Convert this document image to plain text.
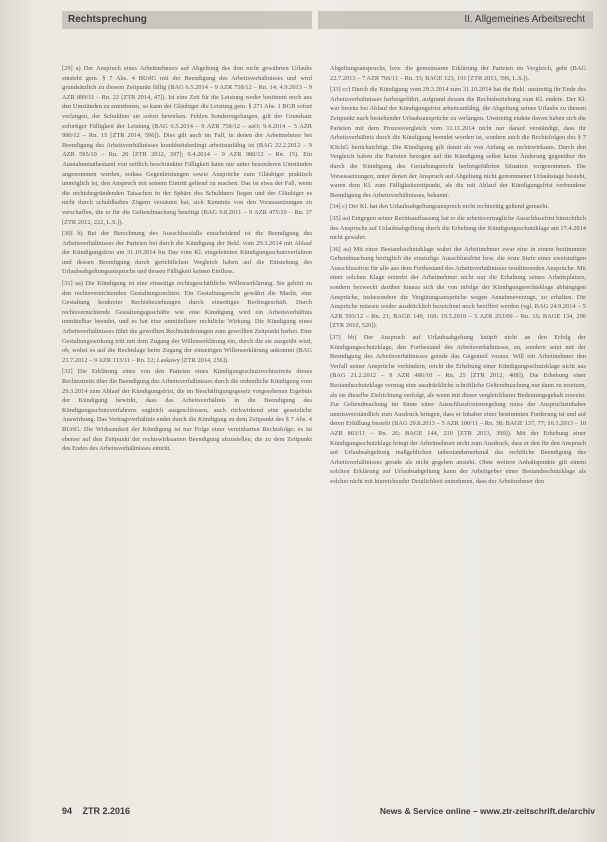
Rechtsprechung	II. Allgemeines Arbeitsrecht

[29] a) Der Anspruch eines Arbeitnehmers auf Abgeltung des ihm nicht gewährten Urlaubs entsteht gem. § 7 Abs. 4 BUrlG mit der Beendigung des Arbeitsverhältnisses und wird grundsätzlich zu diesem Zeitpunkt fällig (BAG 6.5.2014 – 9 AZR 758/12 – Rn. 14; 4.9.2013 – 9 AZR 899/11 – Rn. 22 [ZTR 2014, 47]). Ist eine Zeit für die Leistung weder bestimmt noch aus den Umständen zu entnehmen, so kann der Gläubiger die Leistung gem. § 271 Abs. 1 BGB sofort verlangen, der Schuldner sie sofort bewirken. Fehlen Sonderregelungen, gilt der Grundsatz sofortiger Fälligkeit der Leistung (BAG 6.5.2014 – 9 AZR 758/12 – aaO; 9.4.2014 – 5 AZR 980/12 – Rn. 15 [ZTR 2014, 596]). Dies gilt auch im Fall, in denen der Arbeitnehmer bei Beendigung des Arbeitsverhältnisses krankheitsbedingt arbeitsunfähig ist (BAG 22.2.2012 – 9 AZR 595/10 – Rn. 20 [ZTR 2012, 397]; 9.4.2014 – 9 AZR 980/12 – Rn. 15). Ein Ausnahmetatbestand von zeitlich beschränkter Fälligkeit kann nur unter besonderen Umständen angenommen werden, sodass Gegenleistungen sowie Ansprüche zum Gläubiger praktisch unmöglich ist, den Anspruch mit seinem Eintritt geltend zu machen. Das ist etwa der Fall, wenn die rechtsbegründenden Tatsachen in der Sphäre des Schuldners liegen und der Gläubiger es nicht durch schuldhaftes Zögern versäumt hat, sich Kenntnis von den Voraussetzungen zu verschaffen, die er für die Geltendmachung benötigt (BAG 9.8.2011 – 9 AZR 475/10 – Rn. 37 [ZTR 2012, 222, L.S.]).

[30] b) Bei der Berechnung des Ausschlussfalls entscheidend ist die Beendigung des Arbeitsverhältnisses der Parteien bei durch die Kündigung der Bekl. vom 29.3.2014 mit Ablauf der Kündigungsfrist am 31.10.2014 bis Das vom Kl. eingeleiteten Kündigungsschutzverfahren und dessen Beendigung durch gerichtlichen Vergleich haben auf die Entstehung des Urlaubsabgeltungsanspruchs und dessen Fälligkeit keinen Einfluss.

[31] aa) Die Kündigung ist eine einseitige rechtsgeschäftliche Willenserklärung. Sie gehört zu den rechtsvernichtenden Gestaltungsrechten. Ein Gestaltungsrecht gewährt die Macht, eine Gestaltung konkreter Rechtsbeziehungen durch einseitiges Rechtsgeschäft. Durch rechtsvernichtende Gestaltungsgeschäfte wie eine Kündigung wird ein Arbeitsverhältnis unmittelbar beendet, und es hat eine unmittelbare rechtliche Wirkung. Die Kündigung eines Arbeitsverhältnisses führt die gewollten Rechtsänderungen zum gewollten Zeitpunkt herbei. Eine Gestaltungswirkung tritt mit dem Zugang der Willenserklärung ein, durch die sie ausgeübt wird, ob, wobei es auf die Rechtslage beim Zugang der einseitigen Willenserklärung ankommt (BAG 23.7.2012 – 9 AZR 113/11 – Rn. 12; Laskawy [ZTR 2014, 256]).

[32] Die Erklärung eines von den Parteien eines Kündigungsschutzrechtsstreits dieses Rechtsstreits über die Beendigung des Arbeitsverhältnisses durch die ordentliche Kündigung vom 29.3.2014 zum Ablauf der Kündigungsfrist, die im Beschäftigungsgesetz vorgesehenen Ergebnis der Kündigung bewirkt, dass das Arbeitsverhältnis in die Beendigung des Kündigungsschutzverfahrens zugleich ausgeschlossen, auch rückwirkend eine gesetzliche Auswirkung. Das Vertragsverhältnis endet durch die Kündigung zu dem Zeitpunkt des § 7 Abs. 4 BUrlG. Die Wirksamkeit der Kündigung ist nur Folge einer vereinbarten Rechtsfolge; es ist ebenso auf den Zeitpunkt der rechtswirksamen Beendigung abzustellen, die zu dem Zeitpunkt des Endes des Arbeitsverhältnisses eintritt.

Abgeltungsanspruchs, bzw. die gemeinsame Erklärung der Parteien im Vergleich, geht (BAG 22.7.2013 – 7 AZR 766/11 – Rn. 33; BAGE 123, 191 [ZTR 2013, 596, L.S.]).

[33] cc) Durch die Kündigung vom 29.3.2014 zum 31.10.2014 hat die Bekl. unstreitig ihr Ende des Arbeitsverhältnisses herbeigeführt, aufgrund dessen die Rechtsbeziehung zum Kl. endete. Der Kl. war bereits bei Ablauf der Kündigungsfrist arbeitsunfähig, die Abgeltung seines Urlaubs zu diesem Zeitpunkt nach bestehender Urlaubsansprüche zu verlangen. Unstreitig endete davon haben sich die Parteien mit dem Prozessvergleich vom 11.11.2014 nicht nur darauf verständigt, dass ihr Arbeitsverhältnis durch die Kündigung beendet worden ist, sondern auch die Rechtsfolgen des § 7 KSchG berücksichtigt. Die Kündigung gilt damit als von Anfang an rechtswirksam. Durch den Vergleich haben die Parteien bezogen auf die Kündigung selbst keine Änderung gegenüber der durch die Kündigung des Gestaltungsrecht herbeigeführten Situation vorgenommen. Die Voraussetzungen, unter denen der Anspruch auf Abgeltung nicht genommener Urlaubstage besteht, waren dem Kl. zum Fälligkeitszeitpunkt, als die mit Ablauf der Kündigungsfrist verbundene Beendigung des Arbeitsverhältnisses, bekannt.

[34] c) Der Kl. hat den Urlaubsabgeltungsanspruch nicht rechtzeitig geltend gemacht.

[35] aa) Entgegen seiner Rechtsauffassung hat er die arbeitsvertragliche Ausschlussfrist hinsichtlich des Anspruchs auf Urlaubsabgeltung durch die Erhebung der Kündigungsschutzklage am 17.4.2014 nicht gewahrt.

[36] aa) Mit einer Bestandsschutzklage wahrt der Arbeitnehmer zwar eine in einem bestimmten Geltendmachung bezüglich die einstufige Ausschlussfrist bzw. die erste Stufe einer zweistufigen Ausschlussfrist für alle aus dem Fortbestand des Arbeitsverhältnisses resultierenden Ansprüche. Mit einer solchen Klage erstrebt der Arbeitnehmer nicht nur die Erhaltung seines Arbeitsplatzes, sondern bezweckt darüber hinaus sich die von infolge der Kündigungsrechtsklage abhängigen Ansprüche, insbesondere die Vergütungsansprüche wegen Annahmeverzugs, zu erhalten. Die Ansprüche müssen weder ausdrücklich bezeichnet noch beziffert werden (vgl. BAG 24.9.2014 – 5 AZR 593/12 – Rn. 21; BAGE 149, 169; 19.5.2010 – 5 AZR 253/09 – Rn. 16; BAGE 134, 296 [ZTR 2010, 520]).

[37] bb) Der Anspruch auf Urlaubsabgeltung knüpft nicht an den Erfolg der Kündigungsschutzklage, den Fortbestand des Arbeitsverhältnisses, an, sondern setzt mit der Beendigung des Arbeitsverhältnisses gerade das Gegenteil voraus. Will ein Arbeitnehmer den Verfall seiner Ansprüche verhindern, reicht die Erhebung einer Kündigungsschutzklage nicht aus (BAG 21.2.2012 – 9 AZR 486/10 – Rn. 25 [ZTR 2012, 408]). Die Erhebung einer Bestandsschutzklage vermag eine ausdrückliche schriftliche Geltendmachung nur dann zu ersetzen, als sie dieselbe Zielrichtung verfolgt, als wenn mit dieser vergleichbarer Bedeutungsgehalt zuweist. Zur Geltendmachung im Sinne einer Ausschlussfristenregelung muss der Anspruchsinhaber unmissverständlich zum Ausdruck bringen, dass er Inhaber einer bestimmten Forderung ist und auf deren Erfüllung besteht (BAG 29.8.2013 – 5 AZR 100/11 – Rn. 38; BAGE 137, 77; 16.1.2013 – 10 AZR 863/11 – Rn. 26; BAGE 144, 210 [ZTR 2013, 390]). Mit der Erhebung einer Kündigungsschutzklage bringt der Arbeitnehmer nicht zum Ausdruck, dass er den für den Anspruch auf Urlaubsabgeltung maßgeblichen tatbestandsmerkmal das rechtliche Beendigung des Arbeitsverhältnisses gerade als nicht gegeben ansieht. Ohne weitere Anhaltspunkte gilt einem solchen Erklärung auf Urlaubsabgeltung kann der Arbeitgeber einer Bestandsschutzklage als solcher nicht mit hinreichender Deutlichkeit entnehmen, dass der Arbeitnehmer den

94 ZTR 2.2016	News & Service online – www.ztr-zeitschrift.de/archiv
